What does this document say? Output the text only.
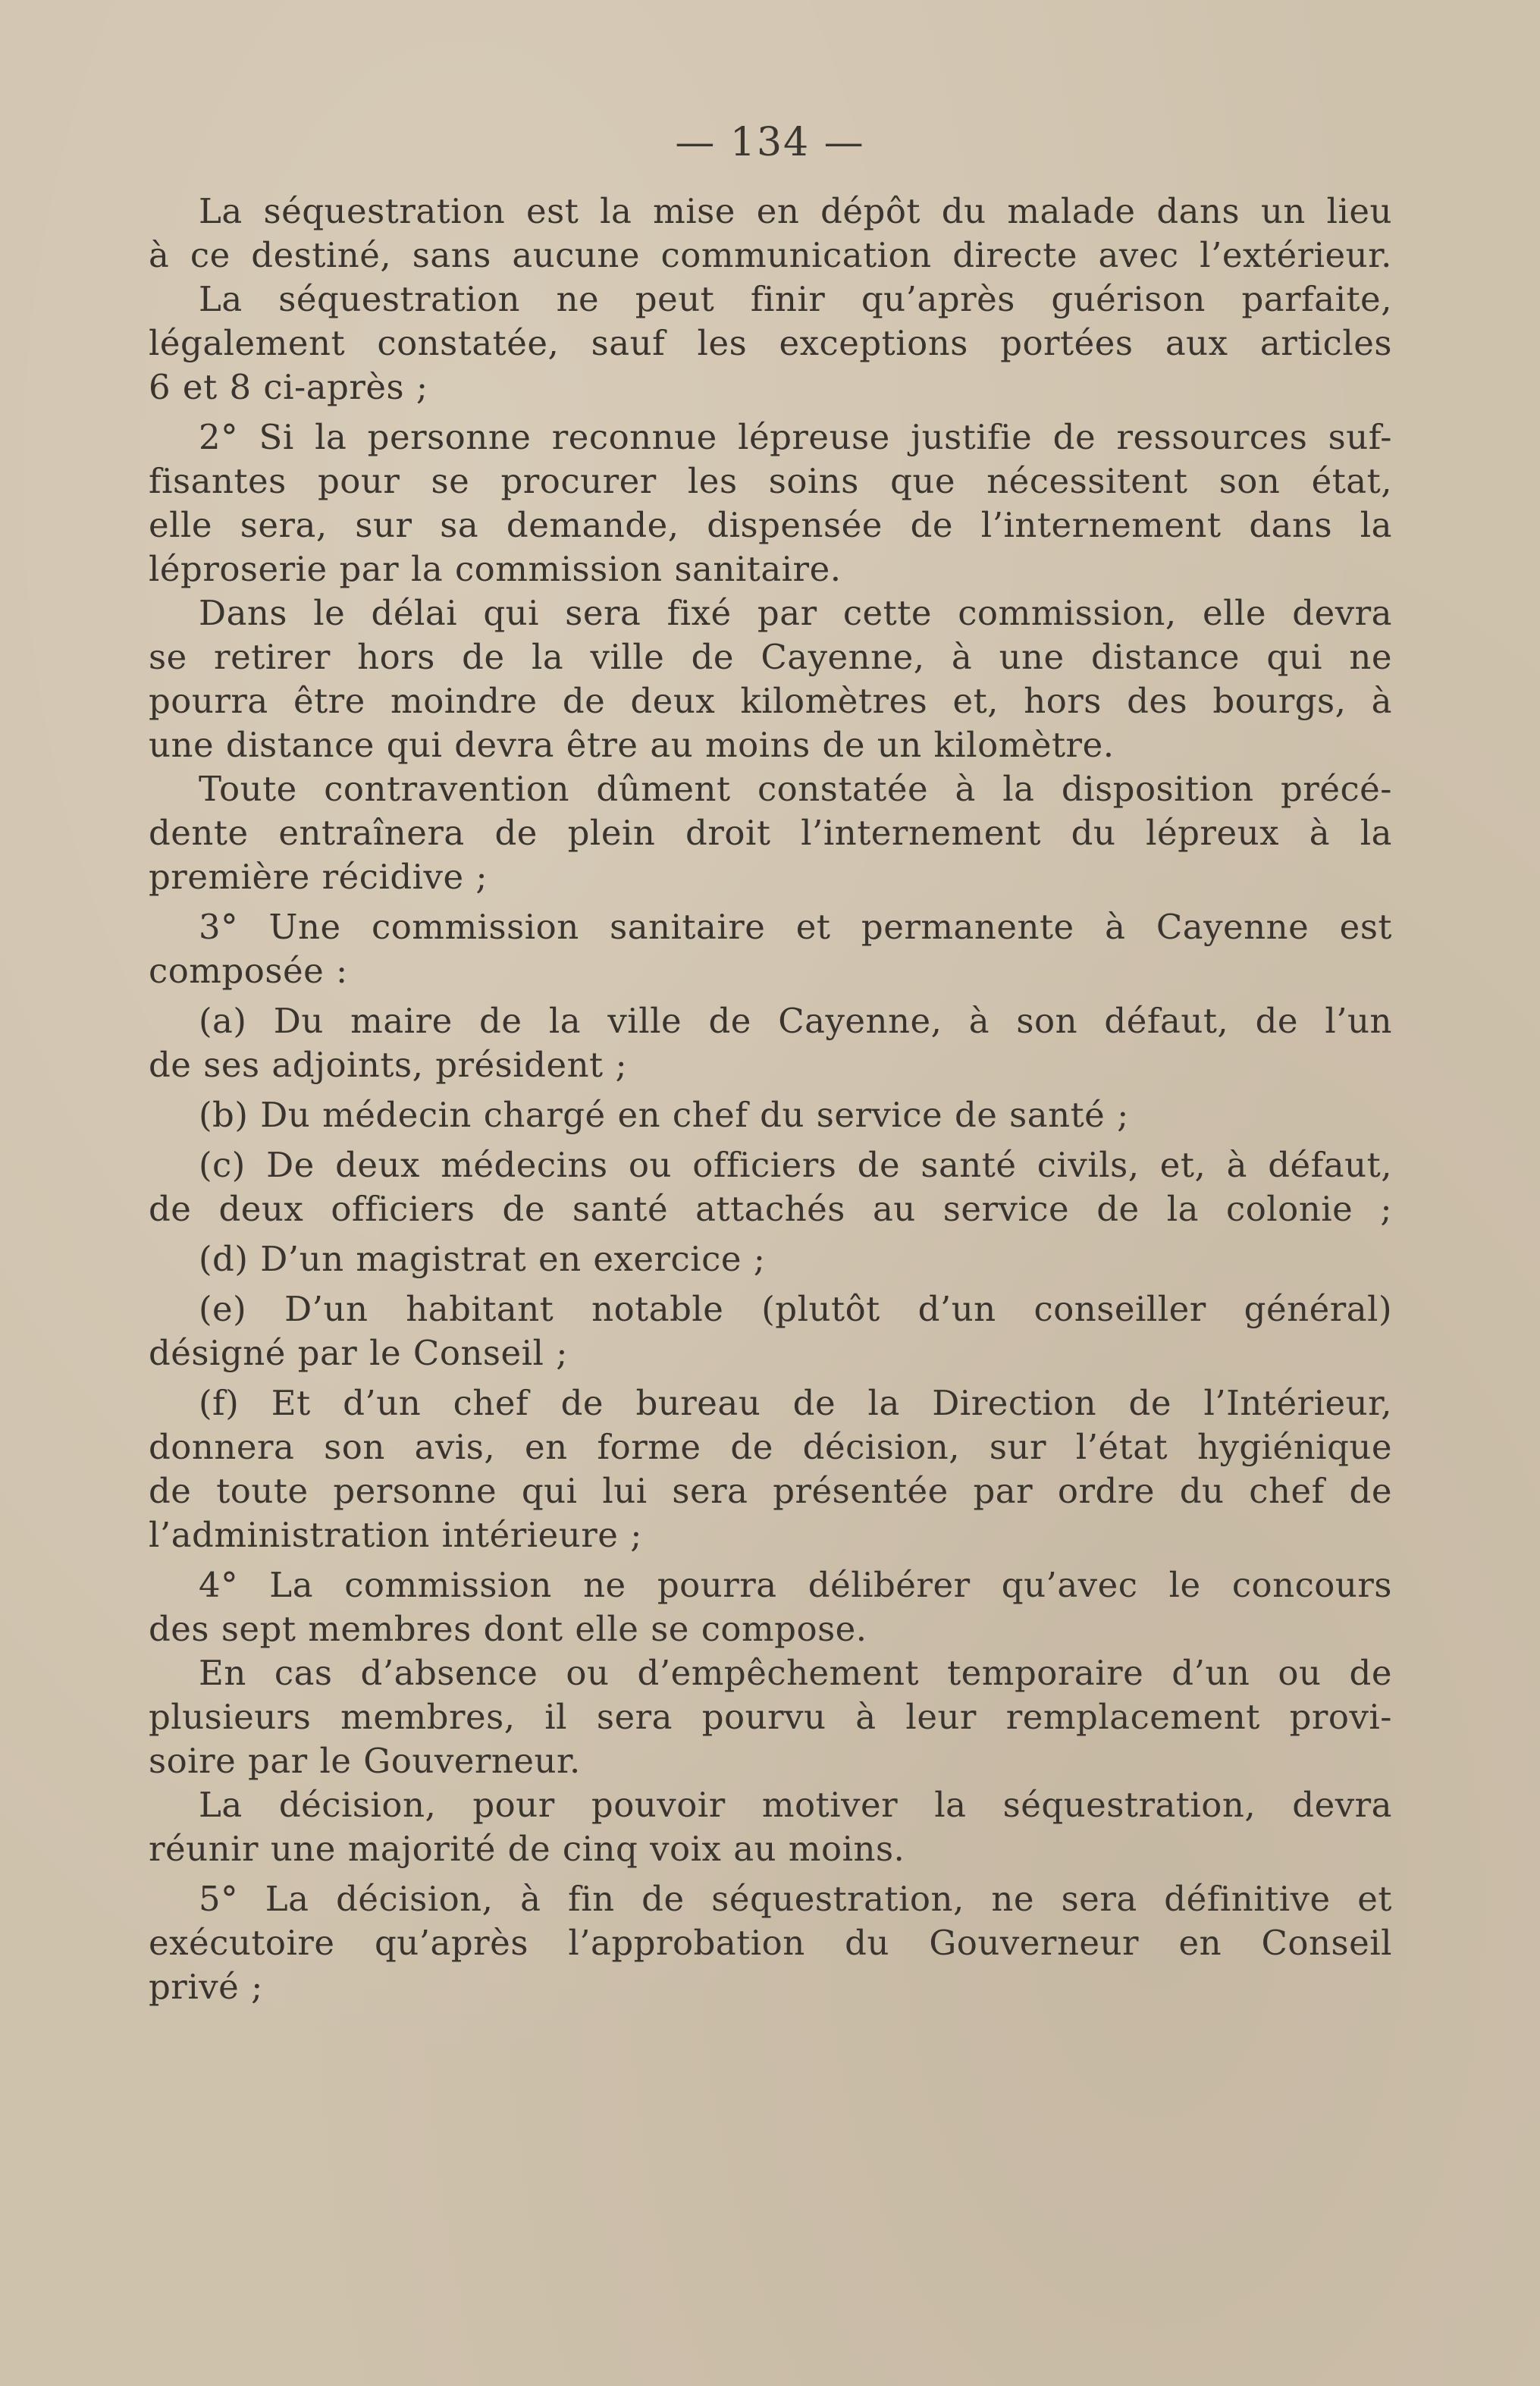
— 134 —
La séquestration est la mise en dépôt du malade dans un lieu
à ce destiné, sans aucune communication directe avec l’extérieur.
La séquestration ne peut finir qu’après guérison parfaite,
légalement constatée, sauf les exceptions portées aux articles
6 et 8 ci-après ;
2° Si la personne reconnue lépreuse justifie de ressources suf-
fisantes pour se procurer les soins que nécessitent son état,
elle sera, sur sa demande, dispensée de l’internement dans la
léproserie par la commission sanitaire.
Dans le délai qui sera fixé par cette commission, elle devra
se retirer hors de la ville de Cayenne, à une distance qui ne
pourra être moindre de deux kilomètres et, hors des bourgs, à
une distance qui devra être au moins de un kilomètre.
Toute contravention dûment constatée à la disposition précé-
dente entraînera de plein droit l’internement du lépreux à la
première récidive ;
3° Une commission sanitaire et permanente à Cayenne est
composée :
(a) Du maire de la ville de Cayenne, à son défaut, de l’un
de ses adjoints, président ;
(b) Du médecin chargé en chef du service de santé ;
(c) De deux médecins ou officiers de santé civils, et, à défaut,
de deux officiers de santé attachés au service de la colonie ;
(d) D’un magistrat en exercice ;
(e) D’un habitant notable (plutôt d’un conseiller général)
désigné par le Conseil ;
(f) Et d’un chef de bureau de la Direction de l’Intérieur,
donnera son avis, en forme de décision, sur l’état hygiénique
de toute personne qui lui sera présentée par ordre du chef de
l’administration intérieure ;
4° La commission ne pourra délibérer qu’avec le concours
des sept membres dont elle se compose.
En cas d’absence ou d’empêchement temporaire d’un ou de
plusieurs membres, il sera pourvu à leur remplacement provi-
soire par le Gouverneur.
La décision, pour pouvoir motiver la séquestration, devra
réunir une majorité de cinq voix au moins.
5° La décision, à fin de séquestration, ne sera définitive et
exécutoire qu’après l’approbation du Gouverneur en Conseil
privé ;
